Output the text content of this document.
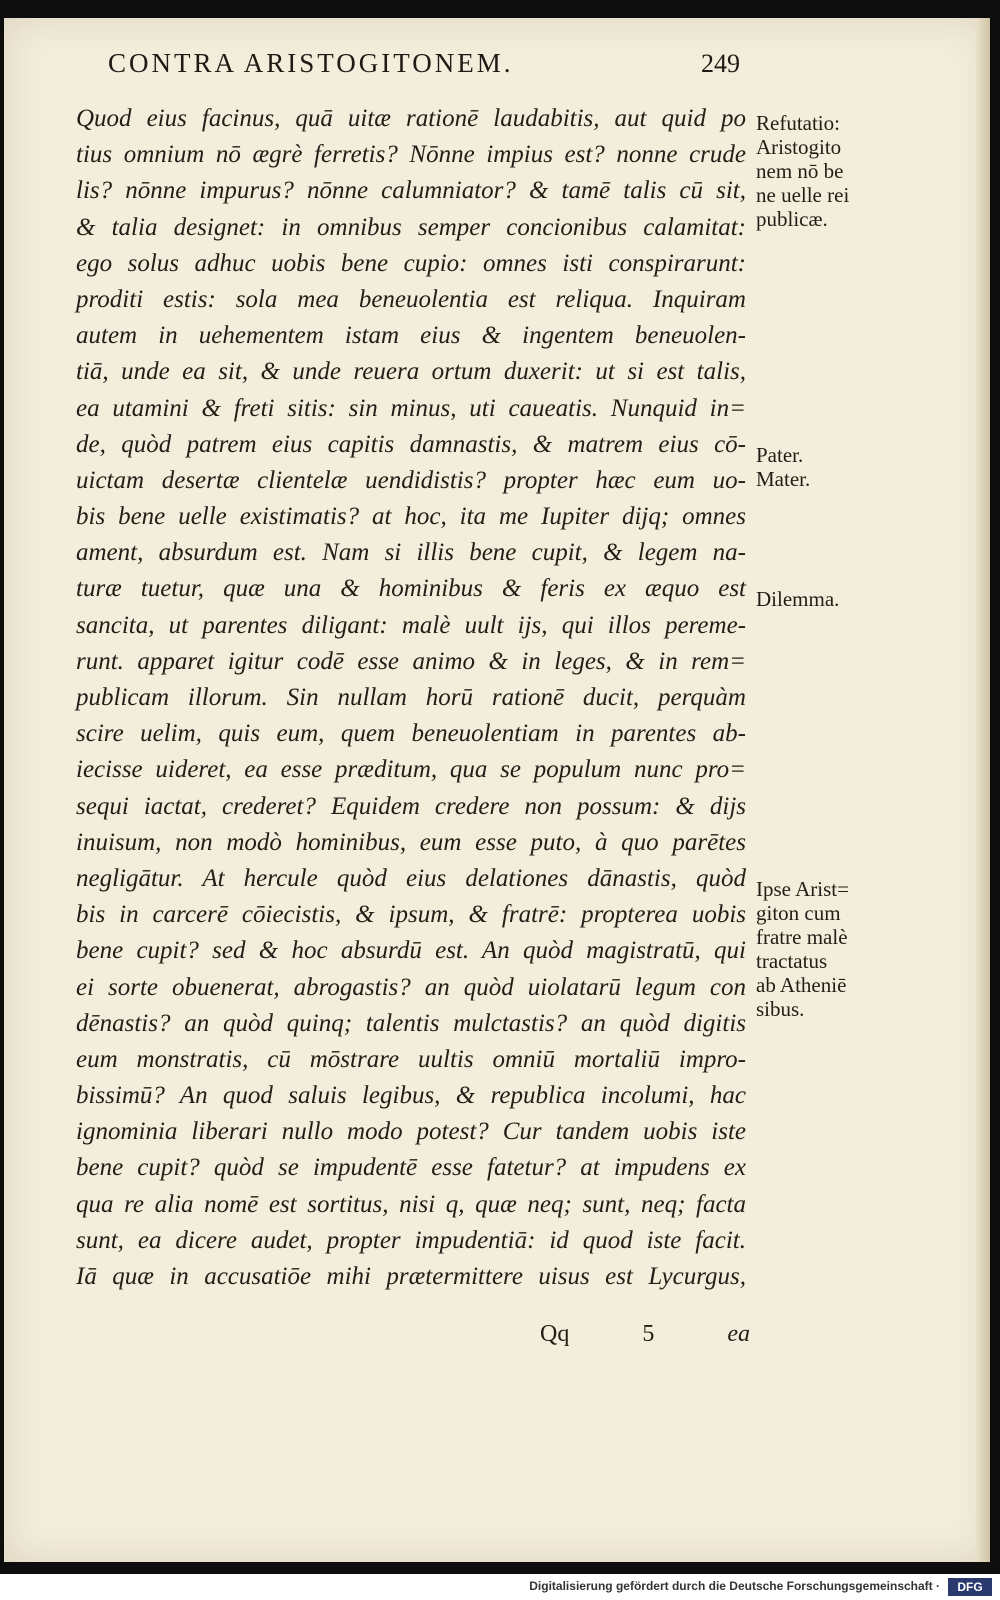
CONTRA ARISTOGITONEM.	249
Quod eius facinus, quā uitæ rationē laudabitis, aut quid po
tius omnium nō ægrè ferretis? Nōnne impius est? nonne crude
lis? nōnne impurus? nōnne calumniator? & tamē talis cū sit,
& talia designet: in omnibus semper concionibus calamitat:
ego solus adhuc uobis bene cupio: omnes isti conspirarunt:
proditi estis: sola mea beneuolentia est reliqua. Inquiram
autem in uehementem istam eius & ingentem beneuolen-
tiā, unde ea sit, & unde reuera ortum duxerit: ut si est talis,
ea utamini & freti sitis: sin minus, uti caueatis. Nunquid in=
de, quòd patrem eius capitis damnastis, & matrem eius cō-
uictam desertæ clientelæ uendidistis? propter hæc eum uo-
bis bene uelle existimatis? at hoc, ita me Iupiter dijq; omnes
ament, absurdum est. Nam si illis bene cupit, & legem na-
turæ tuetur, quæ una & hominibus & feris ex æquo est
sancita, ut parentes diligant: malè uult ijs, qui illos pereme-
runt. apparet igitur codē esse animo & in leges, & in rem=
publicam illorum. Sin nullam horū rationē ducit, perquàm
scire uelim, quis eum, quem beneuolentiam in parentes ab-
iecisse uideret, ea esse præditum, qua se populum nunc pro=
sequi iactat, crederet? Equidem credere non possum: & dijs
inuisum, non modò hominibus, eum esse puto, à quo parētes
negligātur. At hercule quòd eius delationes dānastis, quòd
bis in carcerē cōiecistis, & ipsum, & fratrē: propterea uobis
bene cupit? sed & hoc absurdū est. An quòd magistratū, qui
ei sorte obuenerat, abrogastis? an quòd uiolatarū legum con
dēnastis? an quòd quinq; talentis mulctastis? an quòd digitis
eum monstratis, cū mōstrare uultis omniū mortaliū impro-
bissimū? An quod saluis legibus, & republica incolumi, hac
ignominia liberari nullo modo potest? Cur tandem uobis iste
bene cupit? quòd se impudentē esse fatetur? at impudens ex
qua re alia nomē est sortitus, nisi q, quæ neq; sunt, neq; facta
sunt, ea dicere audet, propter impudentiā: id quod iste facit.
Iā quæ in accusatiōe mihi prætermittere uisus est Lycurgus,
Refutatio:
Aristogito
nem nō be
ne uelle rei
publicæ.
Pater.
Mater.
Dilemma.
Ipse Arist=
giton cum
fratre malè
tractatus
ab Atheniē
sibus.
Qq	5	ea
Digitalisierung gefördert durch die Deutsche Forschungsgemeinschaft ·	DFG
